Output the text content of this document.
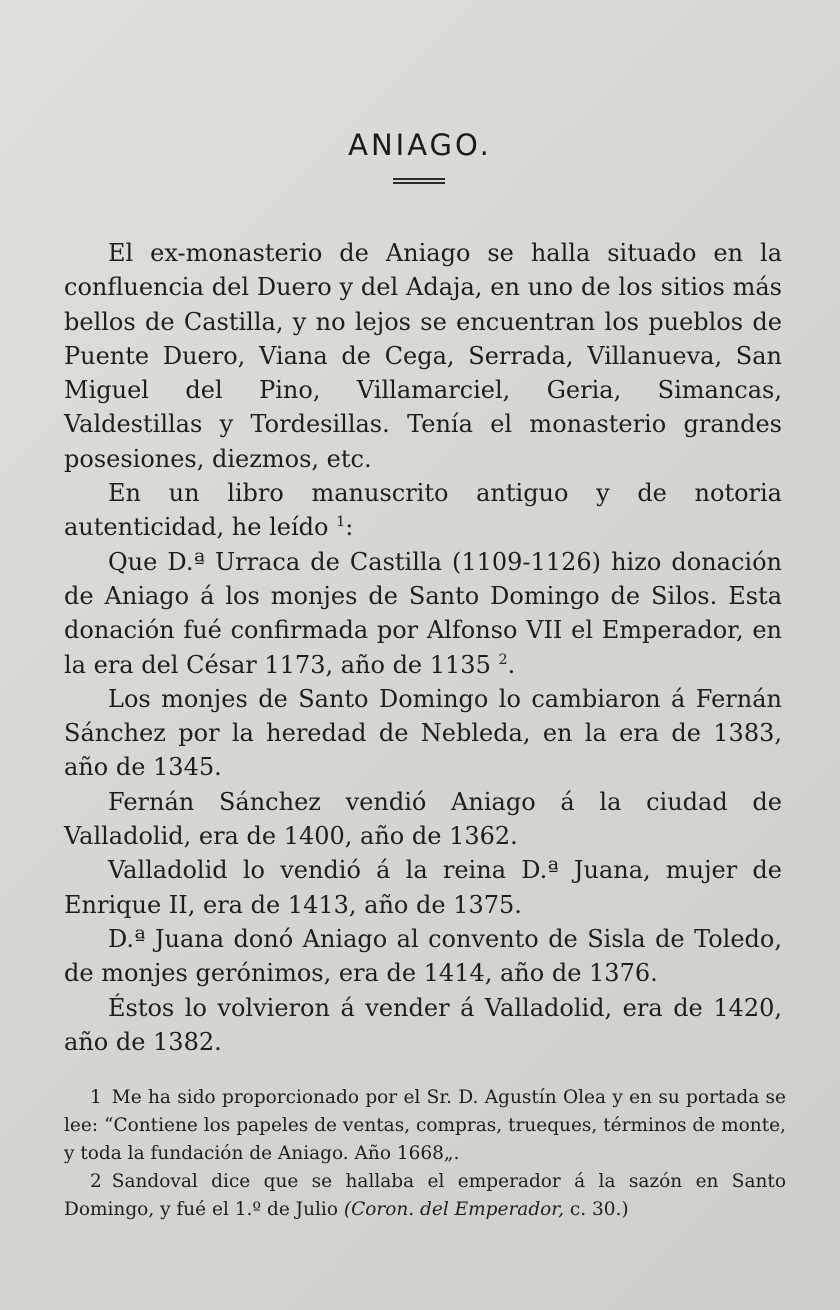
ANIAGO.

El ex-monasterio de Aniago se halla situado en la confluencia del Duero y del Adaja, en uno de los sitios más bellos de Castilla, y no lejos se encuentran los pueblos de Puente Duero, Viana de Cega, Serrada, Villanueva, San Miguel del Pino, Villamarciel, Geria, Simancas, Valdestillas y Tordesillas. Tenía el monasterio grandes posesiones, diezmos, etc.

En un libro manuscrito antiguo y de notoria autenticidad, he leído $^1$:

Que D.ª Urraca de Castilla (1109-1126) hizo donación de Aniago á los monjes de Santo Domingo de Silos. Esta donación fué confirmada por Alfonso VII el Emperador, en la era del César 1173, año de 1135 $^2$.

Los monjes de Santo Domingo lo cambiaron á Fernán Sánchez por la heredad de Nebleda, en la era de 1383, año de 1345.

Fernán Sánchez vendió Aniago á la ciudad de Valladolid, era de 1400, año de 1362.

Valladolid lo vendió á la reina D.ª Juana, mujer de Enrique II, era de 1413, año de 1375.

D.ª Juana donó Aniago al convento de Sisla de Toledo, de monjes gerónimos, era de 1414, año de 1376.

Éstos lo volvieron á vender á Valladolid, era de 1420, año de 1382.

1 Me ha sido proporcionado por el Sr. D. Agustín Olea y en su portada se lee: “Contiene los papeles de ventas, compras, trueques, términos de monte, y toda la fundación de Aniago. Año 1668„.

2 Sandoval dice que se hallaba el emperador á la sazón en Santo Domingo, y fué el 1.º de Julio (Coron. del Emperador, c. 30.)
